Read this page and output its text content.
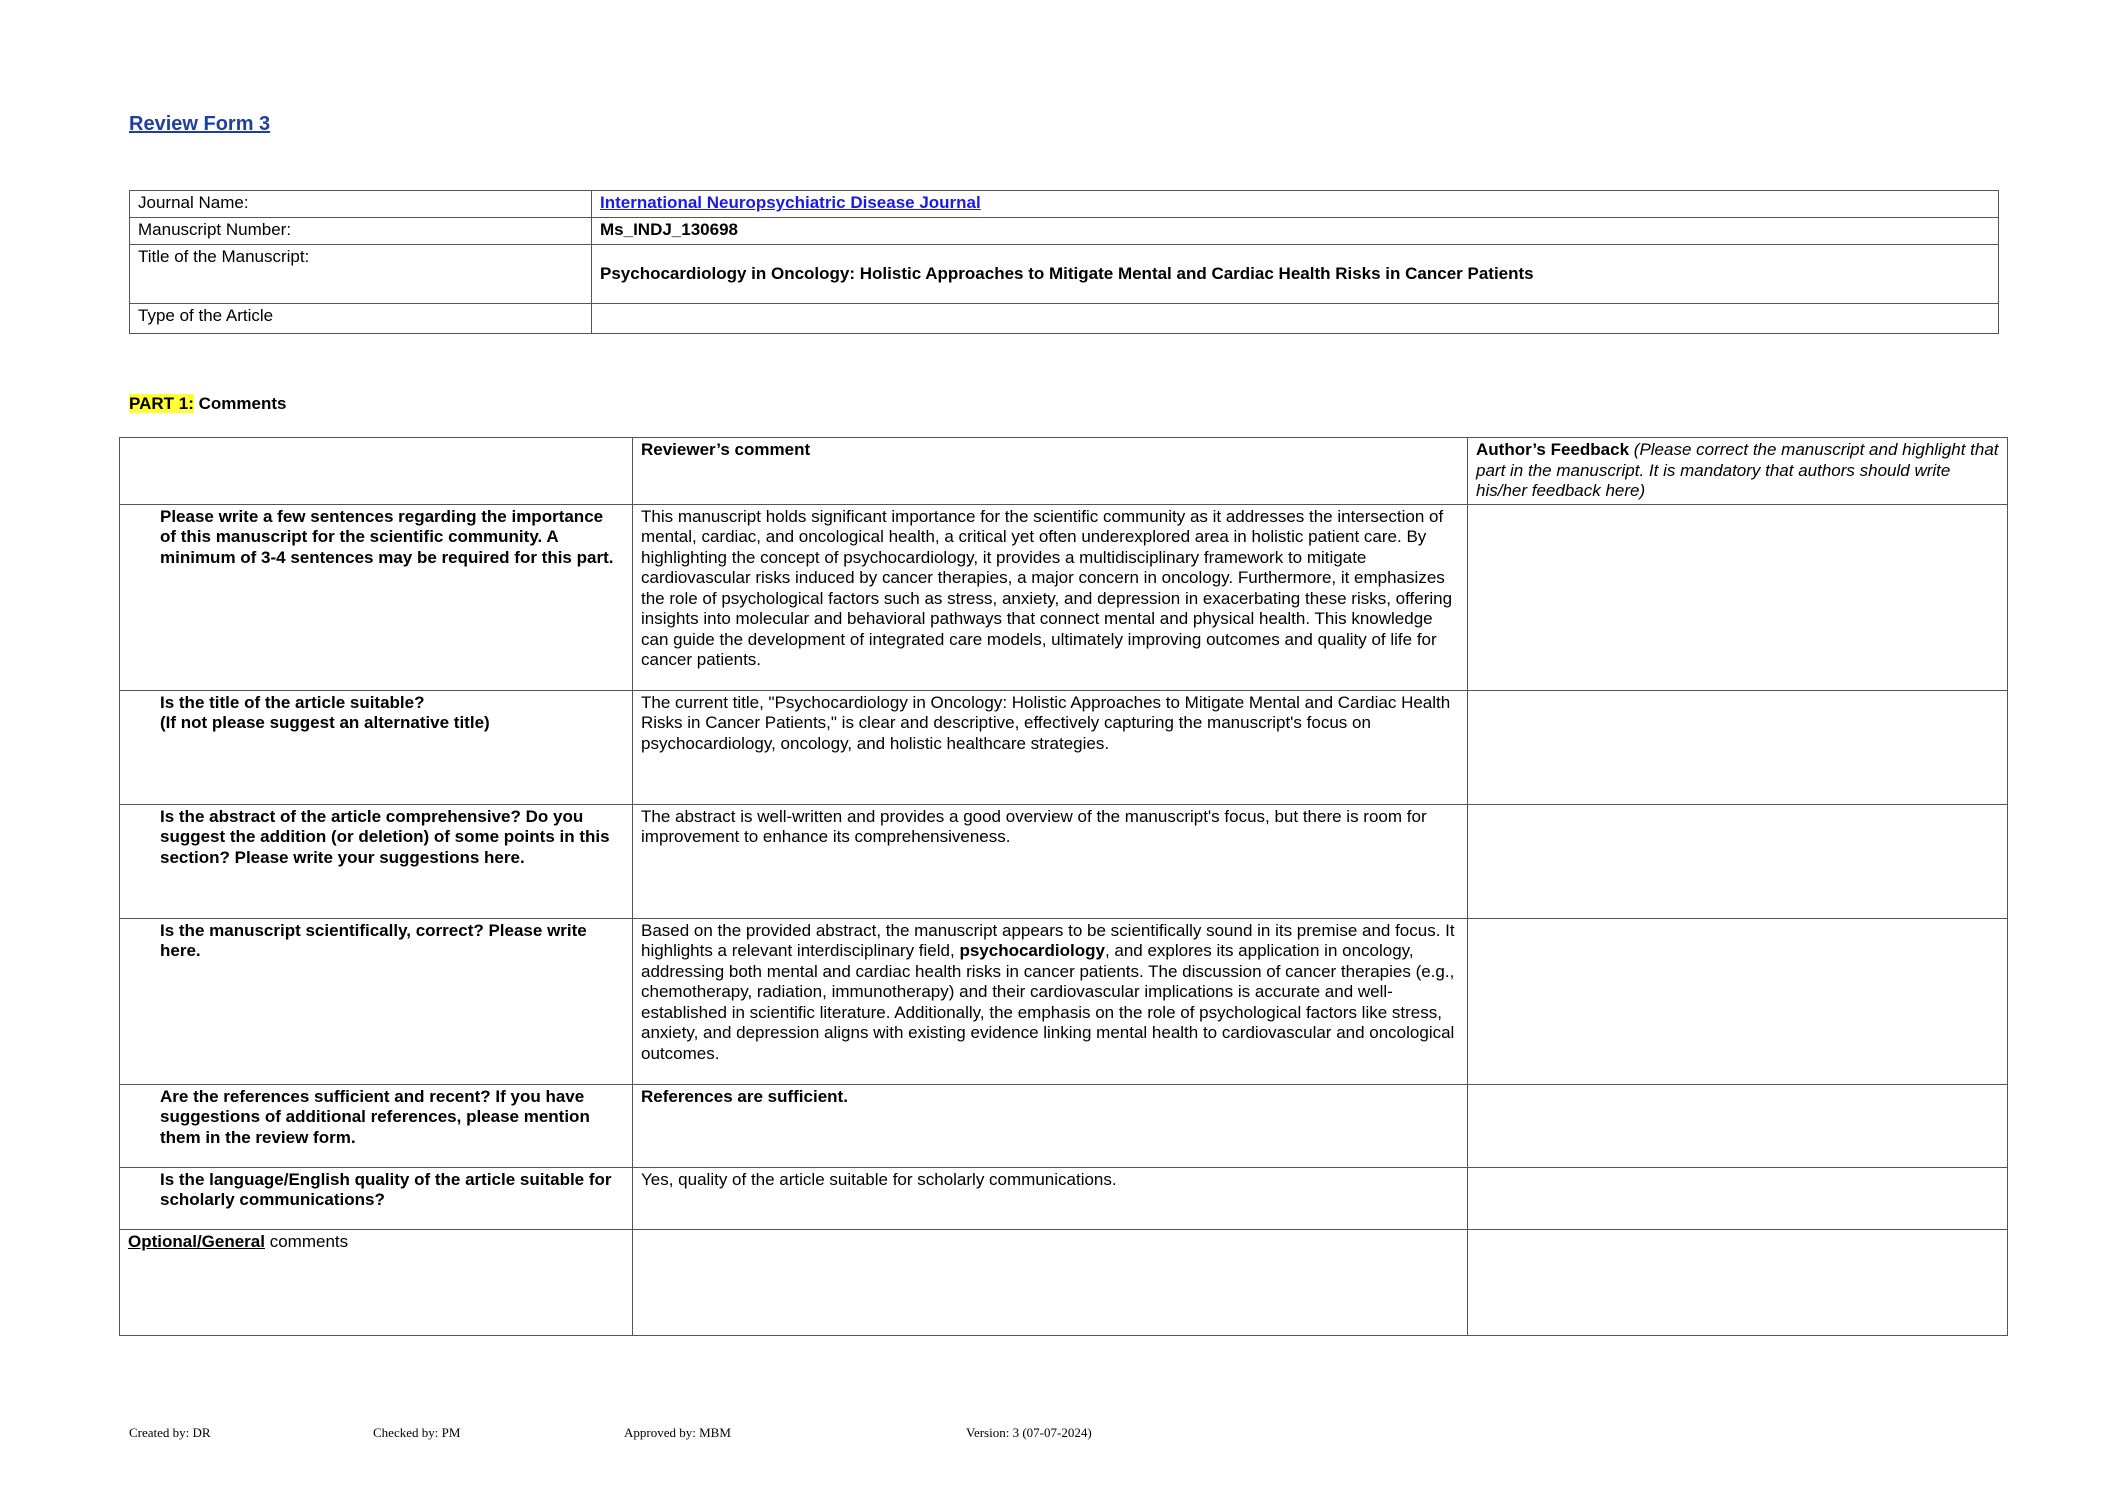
Review Form 3
Journal Name:	International Neuropsychiatric Disease Journal
Manuscript Number:	Ms_INDJ_130698
Title of the Manuscript:	Psychocardiology in Oncology: Holistic Approaches to Mitigate Mental and Cardiac Health Risks in Cancer Patients
Type of the Article	
PART 1: Comments
	Reviewer’s comment	Author’s Feedback (Please correct the manuscript and highlight that part in the manuscript. It is mandatory that authors should write his/her feedback here)
Please write a few sentences regarding the importance of this manuscript for the scientific community. A minimum of 3-4 sentences may be required for this part.	This manuscript holds significant importance for the scientific community as it addresses the intersection of mental, cardiac, and oncological health, a critical yet often underexplored area in holistic patient care. By highlighting the concept of psychocardiology, it provides a multidisciplinary framework to mitigate cardiovascular risks induced by cancer therapies, a major concern in oncology. Furthermore, it emphasizes the role of psychological factors such as stress, anxiety, and depression in exacerbating these risks, offering insights into molecular and behavioral pathways that connect mental and physical health. This knowledge can guide the development of integrated care models, ultimately improving outcomes and quality of life for cancer patients.	
Is the title of the article suitable?
(If not please suggest an alternative title)	The current title, "Psychocardiology in Oncology: Holistic Approaches to Mitigate Mental and Cardiac Health Risks in Cancer Patients," is clear and descriptive, effectively capturing the manuscript's focus on psychocardiology, oncology, and holistic healthcare strategies.	
Is the abstract of the article comprehensive? Do you suggest the addition (or deletion) of some points in this section? Please write your suggestions here.	The abstract is well-written and provides a good overview of the manuscript's focus, but there is room for improvement to enhance its comprehensiveness.	
Is the manuscript scientifically, correct? Please write here.	Based on the provided abstract, the manuscript appears to be scientifically sound in its premise and focus. It highlights a relevant interdisciplinary field, psychocardiology, and explores its application in oncology, addressing both mental and cardiac health risks in cancer patients. The discussion of cancer therapies (e.g., chemotherapy, radiation, immunotherapy) and their cardiovascular implications is accurate and well-established in scientific literature. Additionally, the emphasis on the role of psychological factors like stress, anxiety, and depression aligns with existing evidence linking mental health to cardiovascular and oncological outcomes.	
Are the references sufficient and recent? If you have suggestions of additional references, please mention them in the review form.	References are sufficient.	
Is the language/English quality of the article suitable for scholarly communications?	Yes, quality of the article suitable for scholarly communications.	
Optional/General comments		
Created by: DR	Checked by: PM	Approved by: MBM	Version: 3 (07-07-2024)
